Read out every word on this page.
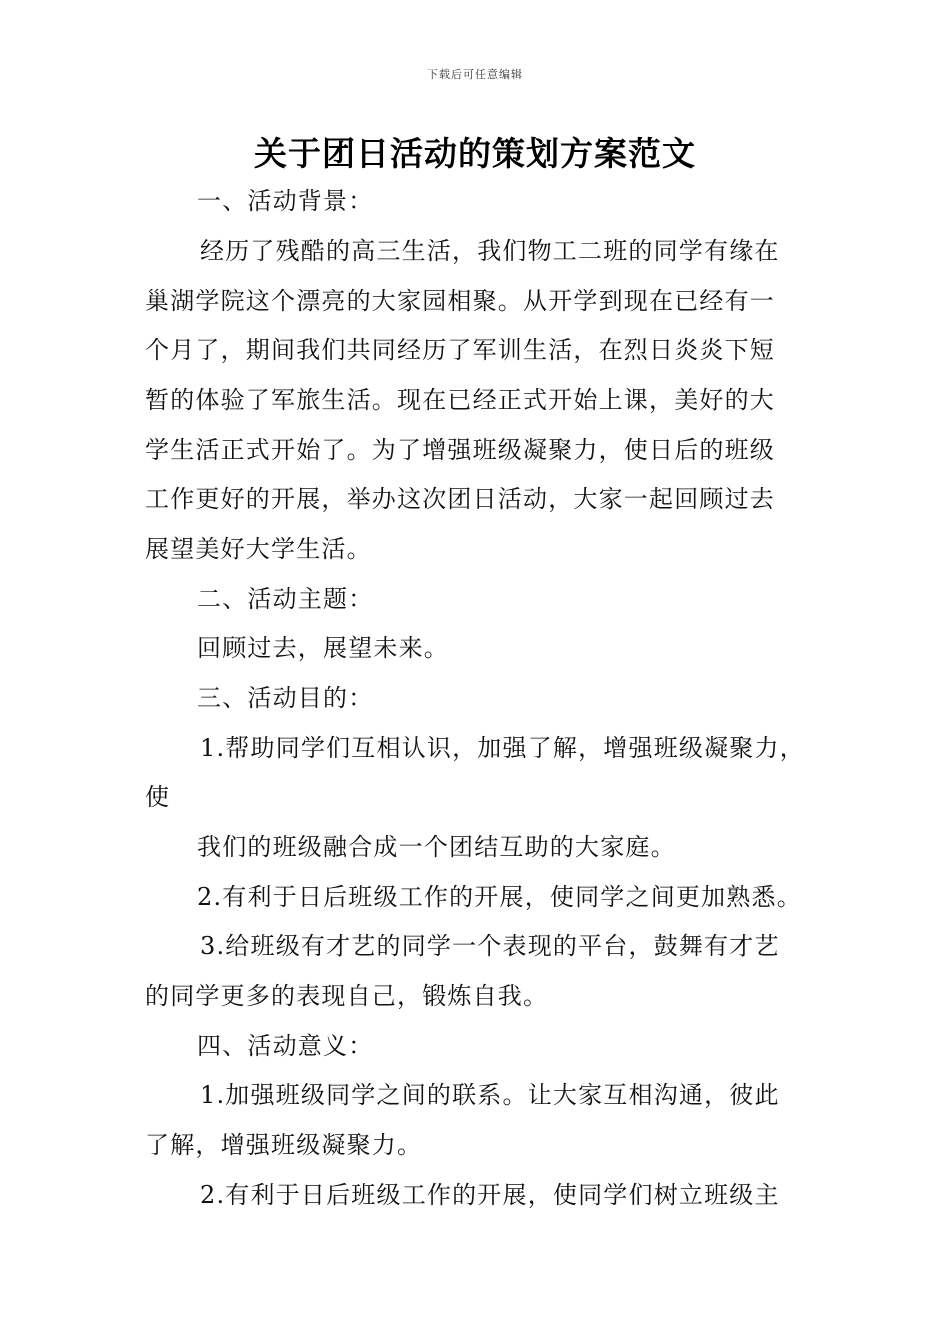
下载后可任意编辑
关于团日活动的策划方案范文
一、活动背景：
经历了残酷的高三生活，我们物工二班的同学有缘在
巢湖学院这个漂亮的大家园相聚。从开学到现在已经有一
个月了，期间我们共同经历了军训生活，在烈日炎炎下短
暂的体验了军旅生活。现在已经正式开始上课，美好的大
学生活正式开始了。为了增强班级凝聚力，使日后的班级
工作更好的开展，举办这次团日活动，大家一起回顾过去
展望美好大学生活。
二、活动主题：
回顾过去，展望未来。
三、活动目的：
1.帮助同学们互相认识，加强了解，增强班级凝聚力，
使
我们的班级融合成一个团结互助的大家庭。
2.有利于日后班级工作的开展，使同学之间更加熟悉。
3.给班级有才艺的同学一个表现的平台，鼓舞有才艺
的同学更多的表现自己，锻炼自我。
四、活动意义：
1.加强班级同学之间的联系。让大家互相沟通，彼此
了解，增强班级凝聚力。
2.有利于日后班级工作的开展，使同学们树立班级主
